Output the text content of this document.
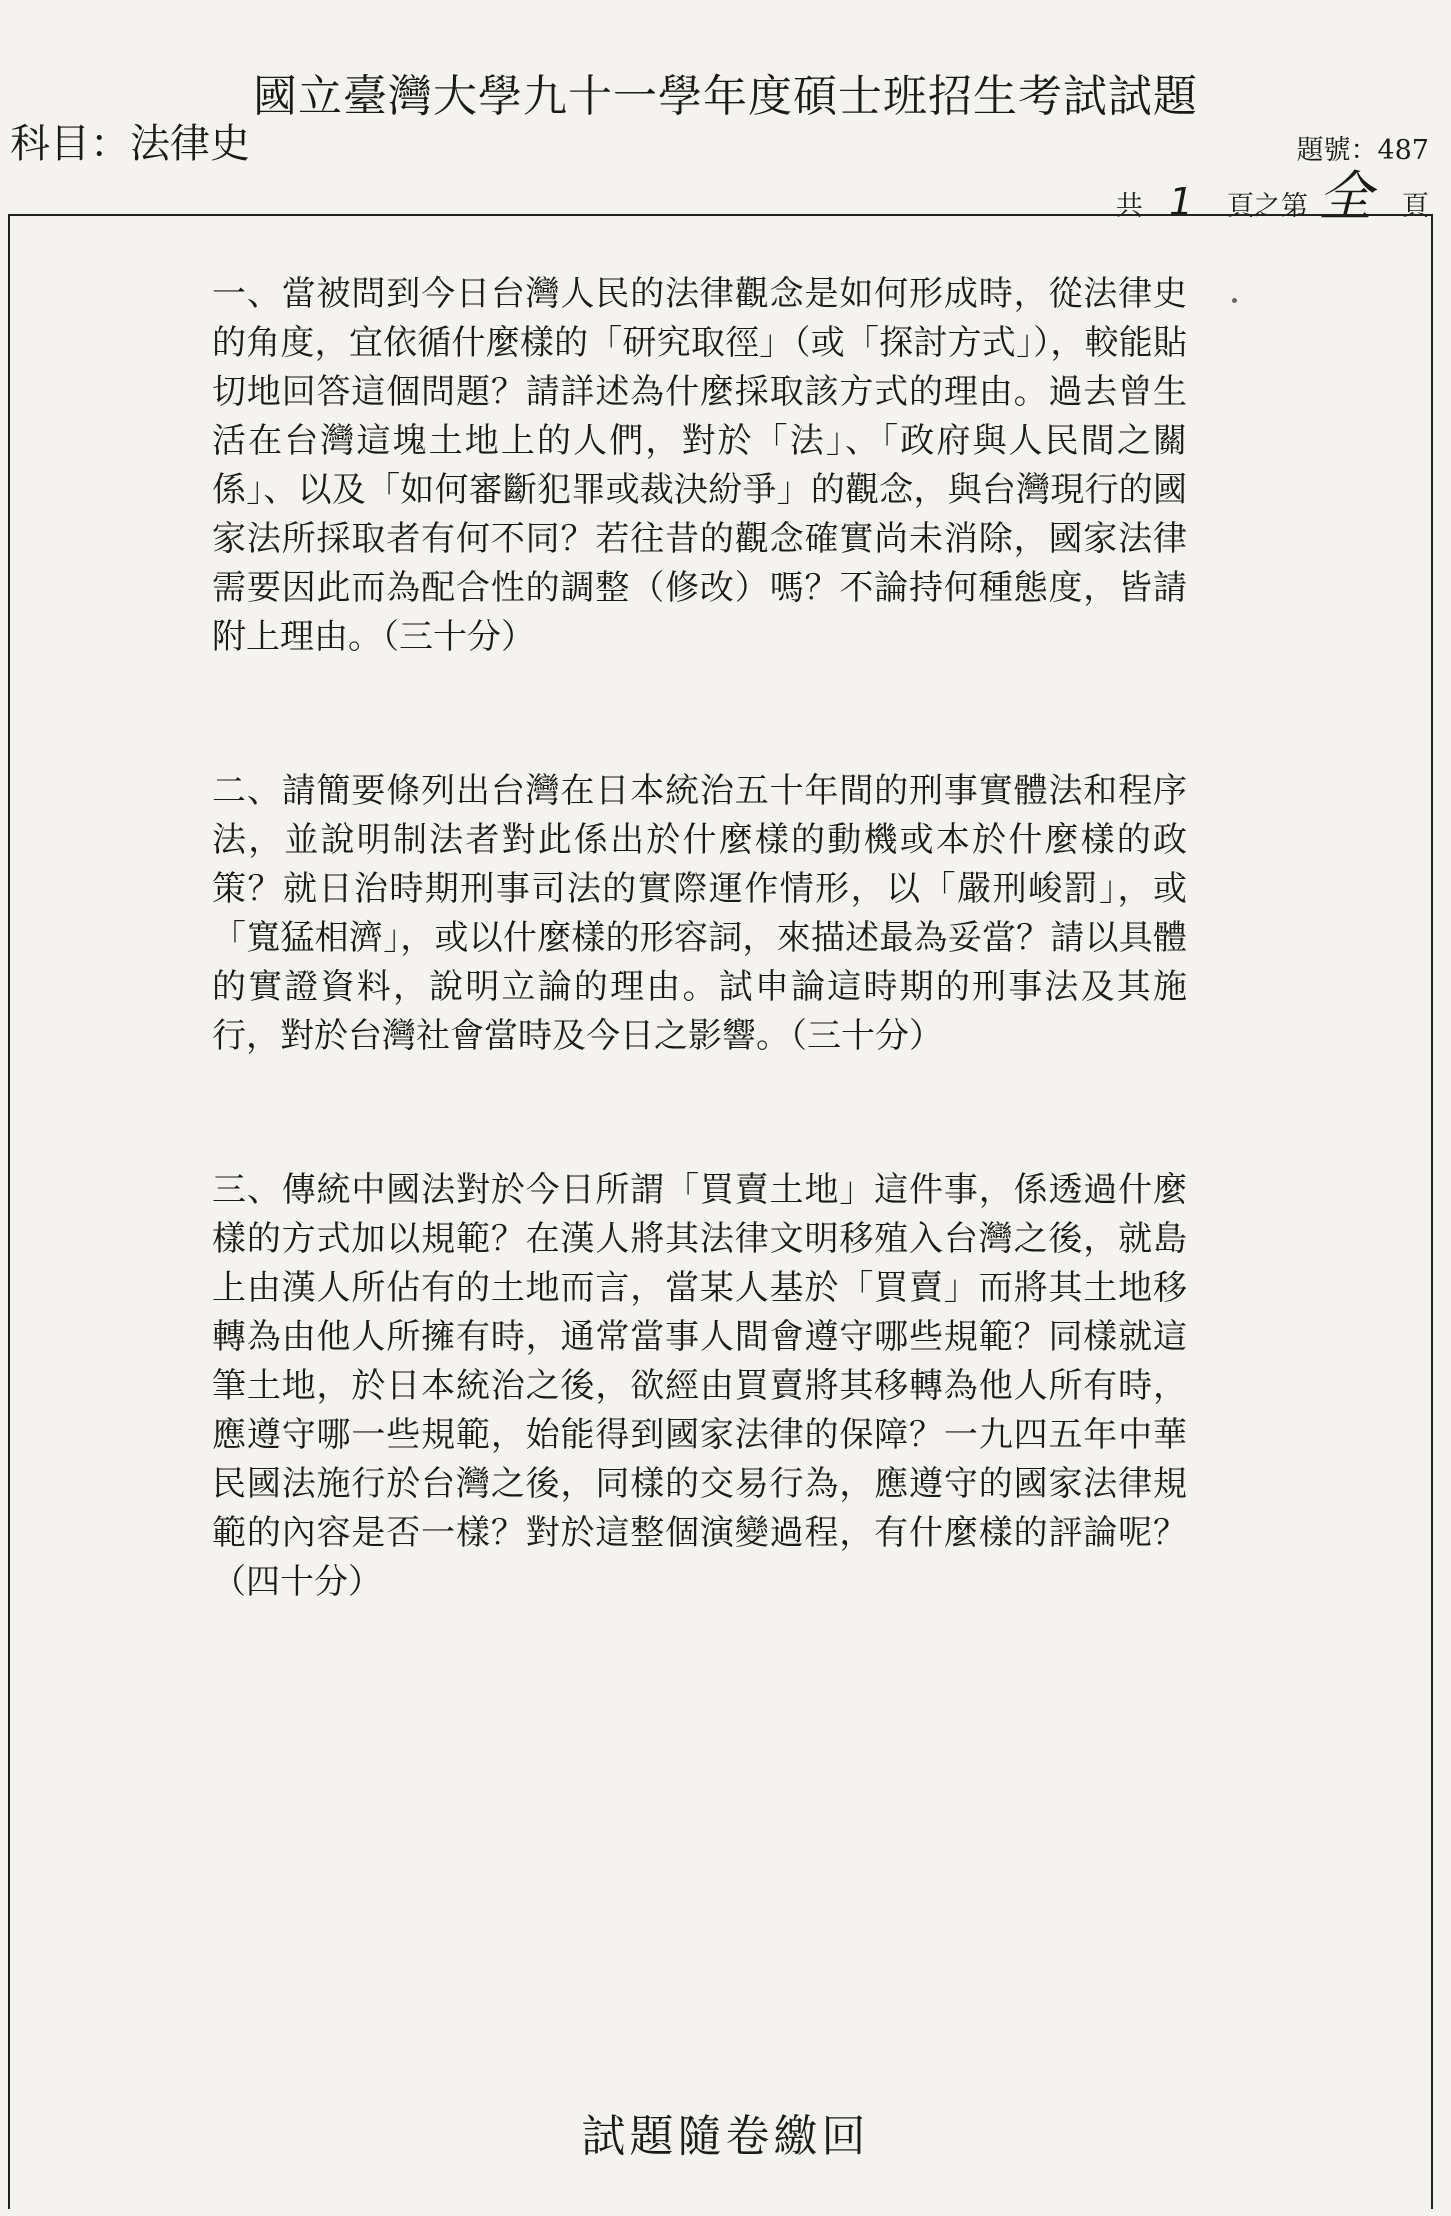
國立臺灣大學九十一學年度碩士班招生考試試題
科目：法律史	題號：487
共 1 頁之第 全 頁

一、當被問到今日台灣人民的法律觀念是如何形成時，從法律史的角度，宜依循什麼樣的「研究取徑」（或「探討方式」），較能貼切地回答這個問題？請詳述為什麼採取該方式的理由。過去曾生活在台灣這塊土地上的人們，對於「法」、「政府與人民間之關係」、以及「如何審斷犯罪或裁決紛爭」的觀念，與台灣現行的國家法所採取者有何不同？若往昔的觀念確實尚未消除，國家法律需要因此而為配合性的調整（修改）嗎？不論持何種態度，皆請附上理由。（三十分）

二、請簡要條列出台灣在日本統治五十年間的刑事實體法和程序法，並說明制法者對此係出於什麼樣的動機或本於什麼樣的政策？就日治時期刑事司法的實際運作情形，以「嚴刑峻罰」，或「寬猛相濟」，或以什麼樣的形容詞，來描述最為妥當？請以具體的實證資料，說明立論的理由。試申論這時期的刑事法及其施行，對於台灣社會當時及今日之影響。（三十分）

三、傳統中國法對於今日所謂「買賣土地」這件事，係透過什麼樣的方式加以規範？在漢人將其法律文明移殖入台灣之後，就島上由漢人所佔有的土地而言，當某人基於「買賣」而將其土地移轉為由他人所擁有時，通常當事人間會遵守哪些規範？同樣就這筆土地，於日本統治之後，欲經由買賣將其移轉為他人所有時，應遵守哪一些規範，始能得到國家法律的保障？一九四五年中華民國法施行於台灣之後，同樣的交易行為，應遵守的國家法律規範的內容是否一樣？對於這整個演變過程，有什麼樣的評論呢？（四十分）

試題隨卷繳回
